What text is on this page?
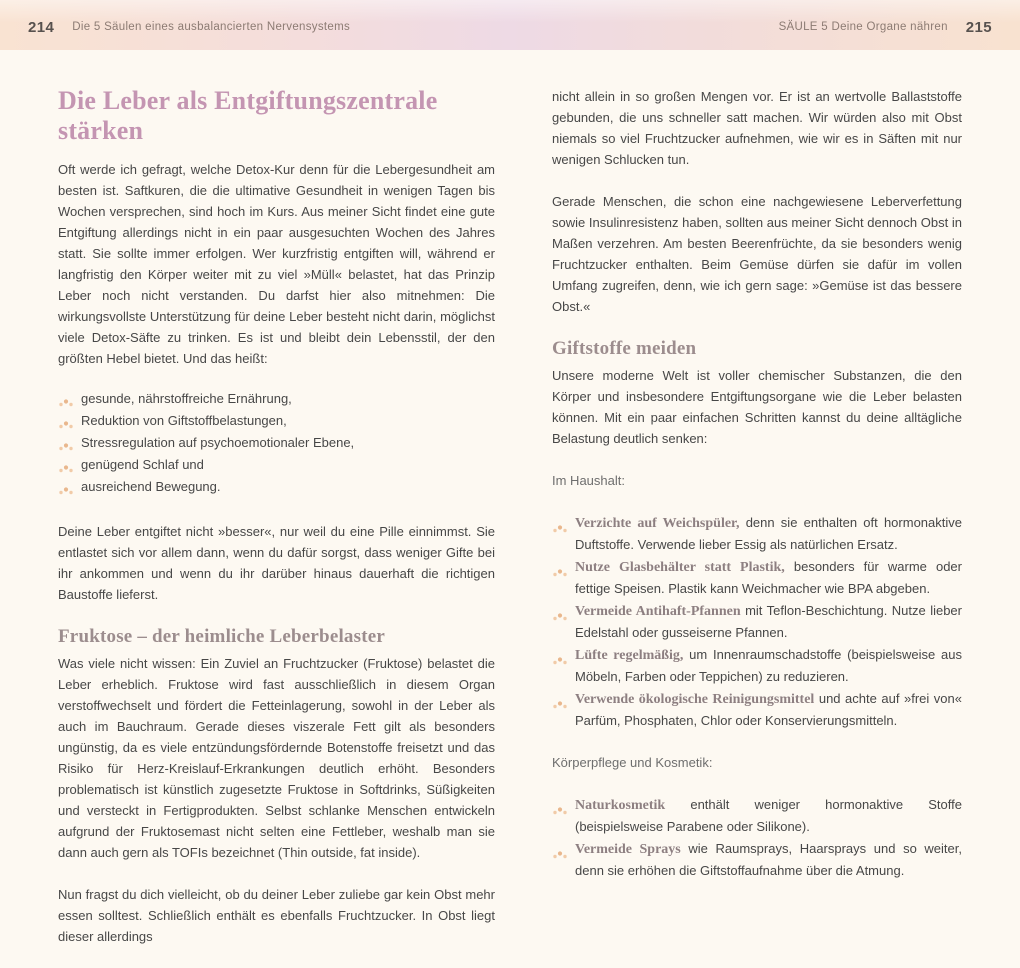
214 Die 5 Säulen eines ausbalancierten Nervensystems	SÄULE 5 Deine Organe nähren 215
Die Leber als Entgiftungszentrale stärken

Oft werde ich gefragt, welche Detox-Kur denn für die Lebergesundheit am besten ist. Saftkuren, die die ultimative Gesundheit in wenigen Tagen bis Wochen versprechen, sind hoch im Kurs. Aus meiner Sicht findet eine gute Entgiftung allerdings nicht in ein paar ausgesuchten Wochen des Jahres statt. Sie sollte immer erfolgen. Wer kurzfristig entgiften will, während er langfristig den Körper weiter mit zu viel »Müll« belastet, hat das Prinzip Leber noch nicht verstanden. Du darfst hier also mitnehmen: Die wirkungsvollste Unterstützung für deine Leber besteht nicht darin, möglichst viele Detox-Säfte zu trinken. Es ist und bleibt dein Lebensstil, der den größten Hebel bietet. Und das heißt:

gesunde, nährstoffreiche Ernährung,
Reduktion von Giftstoffbelastungen,
Stressregulation auf psychoemotionaler Ebene,
genügend Schlaf und
ausreichend Bewegung.

Deine Leber entgiftet nicht »besser«, nur weil du eine Pille einnimmst. Sie entlastet sich vor allem dann, wenn du dafür sorgst, dass weniger Gifte bei ihr ankommen und wenn du ihr darüber hinaus dauerhaft die richtigen Baustoffe lieferst.

Fruktose – der heimliche Leberbelaster

Was viele nicht wissen: Ein Zuviel an Fruchtzucker (Fruktose) belastet die Leber erheblich. Fruktose wird fast ausschließlich in diesem Organ verstoffwechselt und fördert die Fetteinlagerung, sowohl in der Leber als auch im Bauchraum. Gerade dieses viszerale Fett gilt als besonders ungünstig, da es viele entzündungsfördernde Botenstoffe freisetzt und das Risiko für Herz-Kreislauf-Erkrankungen deutlich erhöht. Besonders problematisch ist künstlich zugesetzte Fruktose in Softdrinks, Süßigkeiten und versteckt in Fertigprodukten. Selbst schlanke Menschen entwickeln aufgrund der Fruktosemast nicht selten eine Fettleber, weshalb man sie dann auch gern als TOFIs bezeichnet (Thin outside, fat inside).

Nun fragst du dich vielleicht, ob du deiner Leber zuliebe gar kein Obst mehr essen solltest. Schließlich enthält es ebenfalls Fruchtzucker. In Obst liegt dieser allerdings

nicht allein in so großen Mengen vor. Er ist an wertvolle Ballaststoffe gebunden, die uns schneller satt machen. Wir würden also mit Obst niemals so viel Fruchtzucker aufnehmen, wie wir es in Säften mit nur wenigen Schlucken tun.

Gerade Menschen, die schon eine nachgewiesene Leberverfettung sowie Insulinresistenz haben, sollten aus meiner Sicht dennoch Obst in Maßen verzehren. Am besten Beerenfrüchte, da sie besonders wenig Fruchtzucker enthalten. Beim Gemüse dürfen sie dafür im vollen Umfang zugreifen, denn, wie ich gern sage: »Gemüse ist das bessere Obst.«

Giftstoffe meiden

Unsere moderne Welt ist voller chemischer Substanzen, die den Körper und insbesondere Entgiftungsorgane wie die Leber belasten können. Mit ein paar einfachen Schritten kannst du deine alltägliche Belastung deutlich senken:

Im Haushalt:

Verzichte auf Weichspüler, denn sie enthalten oft hormonaktive Duftstoffe. Verwende lieber Essig als natürlichen Ersatz.
Nutze Glasbehälter statt Plastik, besonders für warme oder fettige Speisen. Plastik kann Weichmacher wie BPA abgeben.
Vermeide Antihaft-Pfannen mit Teflon-Beschichtung. Nutze lieber Edelstahl oder gusseiserne Pfannen.
Lüfte regelmäßig, um Innenraumschadstoffe (beispielsweise aus Möbeln, Farben oder Teppichen) zu reduzieren.
Verwende ökologische Reinigungsmittel und achte auf »frei von« Parfüm, Phosphaten, Chlor oder Konservierungsmitteln.

Körperpflege und Kosmetik:

Naturkosmetik enthält weniger hormonaktive Stoffe (beispielsweise Parabene oder Silikone).
Vermeide Sprays wie Raumsprays, Haarsprays und so weiter, denn sie erhöhen die Giftstoffaufnahme über die Atmung.
